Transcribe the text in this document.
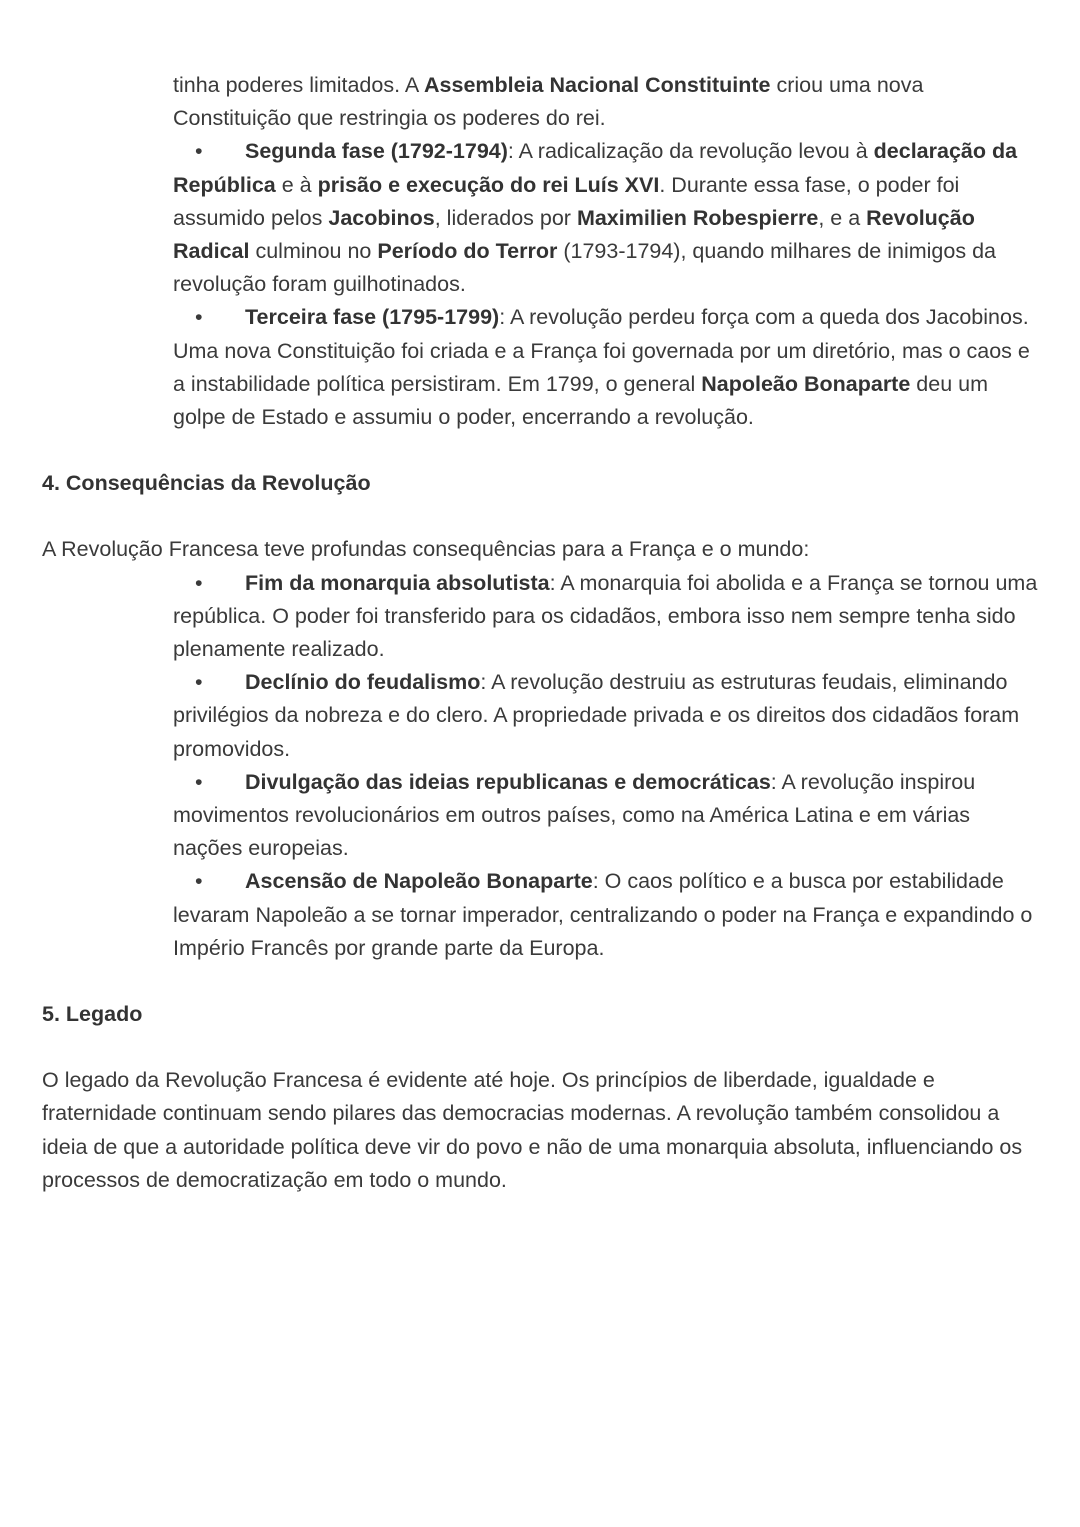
tinha poderes limitados. A Assembleia Nacional Constituinte criou uma nova Constituição que restringia os poderes do rei.

• Segunda fase (1792-1794): A radicalização da revolução levou à declaração da República e à prisão e execução do rei Luís XVI. Durante essa fase, o poder foi assumido pelos Jacobinos, liderados por Maximilien Robespierre, e a Revolução Radical culminou no Período do Terror (1793-1794), quando milhares de inimigos da revolução foram guilhotinados.

• Terceira fase (1795-1799): A revolução perdeu força com a queda dos Jacobinos. Uma nova Constituição foi criada e a França foi governada por um diretório, mas o caos e a instabilidade política persistiram. Em 1799, o general Napoleão Bonaparte deu um golpe de Estado e assumiu o poder, encerrando a revolução.

4. Consequências da Revolução

A Revolução Francesa teve profundas consequências para a França e o mundo:

• Fim da monarquia absolutista: A monarquia foi abolida e a França se tornou uma república. O poder foi transferido para os cidadãos, embora isso nem sempre tenha sido plenamente realizado.

• Declínio do feudalismo: A revolução destruiu as estruturas feudais, eliminando privilégios da nobreza e do clero. A propriedade privada e os direitos dos cidadãos foram promovidos.

• Divulgação das ideias republicanas e democráticas: A revolução inspirou movimentos revolucionários em outros países, como na América Latina e em várias nações europeias.

• Ascensão de Napoleão Bonaparte: O caos político e a busca por estabilidade levaram Napoleão a se tornar imperador, centralizando o poder na França e expandindo o Império Francês por grande parte da Europa.

5. Legado

O legado da Revolução Francesa é evidente até hoje. Os princípios de liberdade, igualdade e fraternidade continuam sendo pilares das democracias modernas. A revolução também consolidou a ideia de que a autoridade política deve vir do povo e não de uma monarquia absoluta, influenciando os processos de democratização em todo o mundo.
